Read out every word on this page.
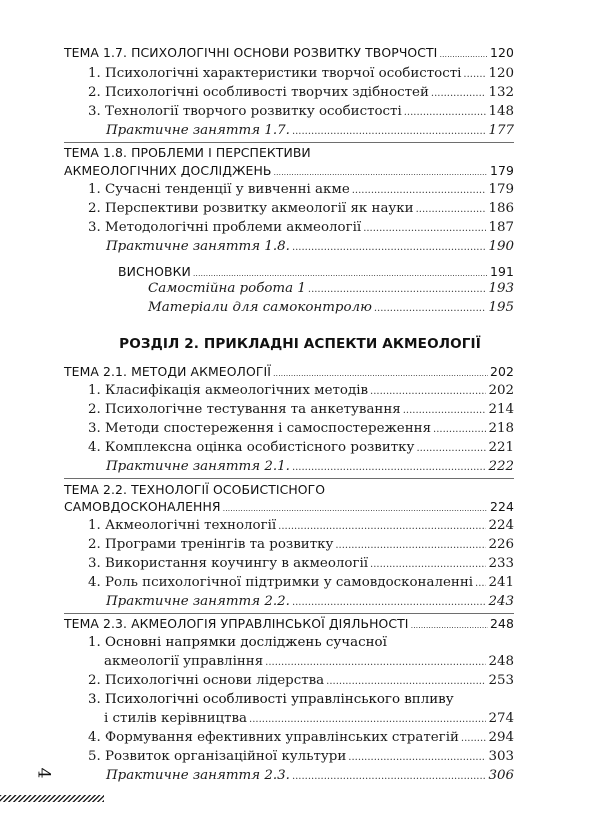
ТЕМА 1.7. ПСИХОЛОГІЧНІ ОСНОВИ РОЗВИТКУ ТВОРЧОСТІ .....	120
1. Психологічні характеристики творчої особистості ..... 120
2. Психологічні особливості творчих здібностей .....	132
3. Технології творчого розвитку особистості .....	148
Практичне заняття 1.7. .....	177
ТЕМА 1.8. ПРОБЛЕМИ І ПЕРСПЕКТИВИ
АКМЕОЛОГІЧНИХ ДОСЛІДЖЕНЬ .....	179
1. Сучасні тенденції у вивченні акме .....	179
2. Перспективи розвитку акмеології як науки .....	186
3. Методологічні проблеми акмеології .....	187
Практичне заняття 1.8. .....	190
ВИСНОВКИ .....	191
Самостійна робота 1 .....	193
Матеріали для самоконтролю .....	195
РОЗДІЛ 2. ПРИКЛАДНІ АСПЕКТИ АКМЕОЛОГІЇ
ТЕМА 2.1. МЕТОДИ АКМЕОЛОГІЇ .....	202
1. Класифікація акмеологічних методів .....	202
2. Психологічне тестування та анкетування .....	214
3. Методи спостереження і самоспостереження .....	218
4. Комплексна оцінка особистісного розвитку .....	221
Практичне заняття 2.1. .....	222
ТЕМА 2.2. ТЕХНОЛОГІЇ ОСОБИСТІСНОГО
САМОВДОСКОНАЛЕННЯ .....	224
1. Акмеологічні технології .....	224
2. Програми тренінгів та розвитку .....	226
3. Використання коучингу в акмеології .....	233
4. Роль психологічної підтримки у самовдосконаленні ..... 241
Практичне заняття 2.2. .....	243
ТЕМА 2.3. АКМЕОЛОГІЯ УПРАВЛІНСЬКОЇ ДІЯЛЬНОСТІ .....	248
1. Основні напрямки досліджень сучасної
акмеології управління .....	248
2. Психологічні основи лідерства .....	253
3. Психологічні особливості управлінського впливу
і стилів керівництва .....	274
4. Формування ефективних управлінських стратегій ..... 294
5. Розвиток організаційної культури .....	303
Практичне заняття 2.3. .....	306
4
